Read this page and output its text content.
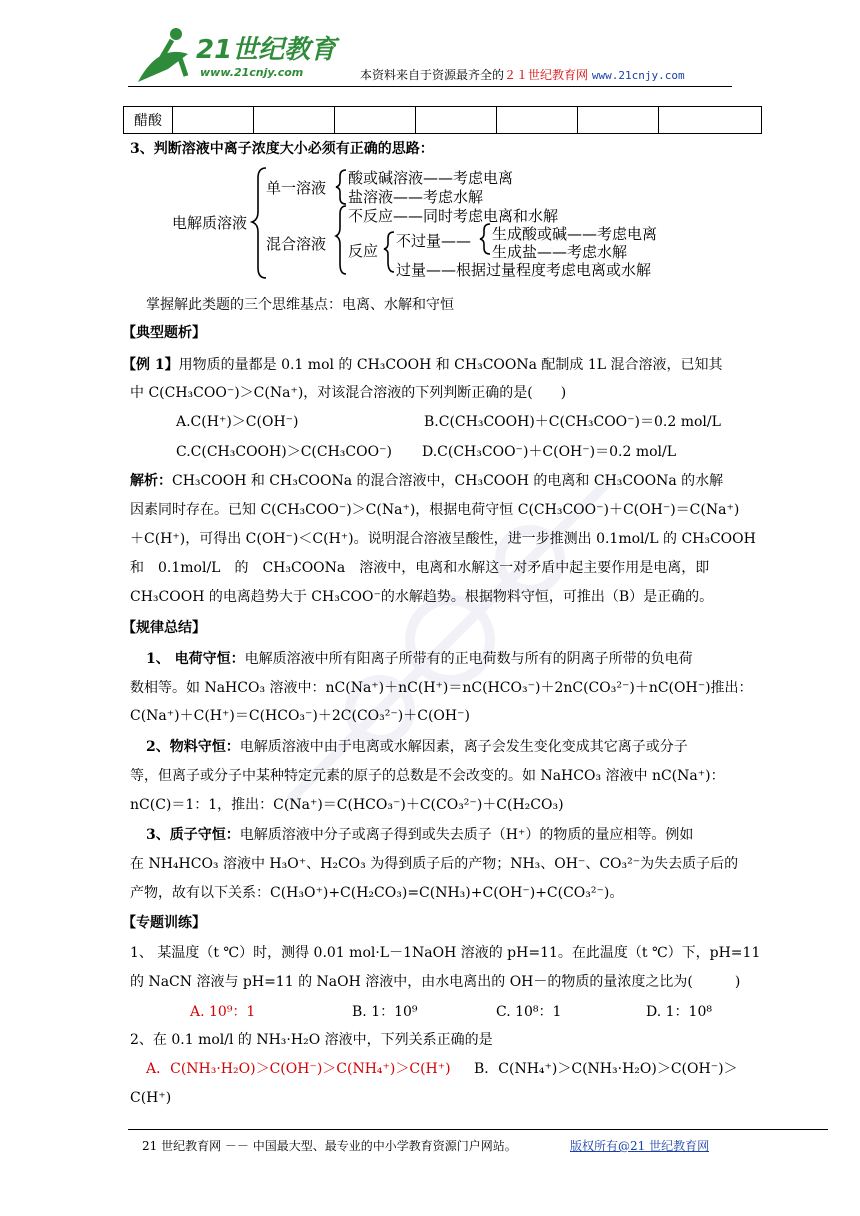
21世纪教育
www.21cnjy.com	本资料来自于资源最齐全的２１世纪教育网 www.21cnjy.com
醋酸							
3、判断溶液中离子浓度大小必须有正确的思路：
电解质溶液
单一溶液
酸或碱溶液——考虑电离
盐溶液——考虑水解
不反应——同时考虑电离和水解
混合溶液 反应
不过量—— 生成酸或碱——考虑电离
生成盐——考虑水解
过量——根据过量程度考虑电离或水解
掌握解此类题的三个思维基点：电离、水解和守恒
【典型题析】
【例 1】用物质的量都是 0.1 mol 的 CH₃COOH 和 CH₃COONa 配制成 1L 混合溶液，已知其
中 C(CH₃COO⁻)＞C(Na⁺)，对该混合溶液的下列判断正确的是(　　)
A.C(H⁺)＞C(OH⁻)	B.C(CH₃COOH)＋C(CH₃COO⁻)＝0.2 mol/L
C.C(CH₃COOH)＞C(CH₃COO⁻) D.C(CH₃COO⁻)＋C(OH⁻)＝0.2 mol/L
解析：CH₃COOH 和 CH₃COONa 的混合溶液中，CH₃COOH 的电离和 CH₃COONa 的水解
因素同时存在。已知 C(CH₃COO⁻)＞C(Na⁺)，根据电荷守恒 C(CH₃COO⁻)＋C(OH⁻)＝C(Na⁺)
＋C(H⁺)，可得出 C(OH⁻)＜C(H⁺)。说明混合溶液呈酸性，进一步推测出 0.1mol/L 的 CH₃COOH
和　0.1mol/L　的　CH₃COONa　溶液中，电离和水解这一对矛盾中起主要作用是电离，即
CH₃COOH 的电离趋势大于 CH₃COO⁻的水解趋势。根据物料守恒，可推出（B）是正确的。
【规律总结】
1、 电荷守恒：电解质溶液中所有阳离子所带有的正电荷数与所有的阴离子所带的负电荷
数相等。如 NaHCO₃ 溶液中：nC(Na⁺)＋nC(H⁺)＝nC(HCO₃⁻)＋2nC(CO₃²⁻)＋nC(OH⁻)推出：
C(Na⁺)＋C(H⁺)＝C(HCO₃⁻)＋2C(CO₃²⁻)＋C(OH⁻)
2、物料守恒：电解质溶液中由于电离或水解因素，离子会发生变化变成其它离子或分子
等，但离子或分子中某种特定元素的原子的总数是不会改变的。如 NaHCO₃ 溶液中 nC(Na⁺)：
nC(C)＝1：1，推出：C(Na⁺)＝C(HCO₃⁻)＋C(CO₃²⁻)＋C(H₂CO₃)
3、质子守恒：电解质溶液中分子或离子得到或失去质子（H⁺）的物质的量应相等。例如
在 NH₄HCO₃ 溶液中 H₃O⁺、H₂CO₃ 为得到质子后的产物；NH₃、OH⁻、CO₃²⁻为失去质子后的
产物，故有以下关系：C(H₃O⁺)+C(H₂CO₃)=C(NH₃)+C(OH⁻)+C(CO₃²⁻)。
【专题训练】
1、 某温度（t ℃）时，测得 0.01 mol·L－1NaOH 溶液的 pH=11。在此温度（t ℃）下，pH=11
的 NaCN 溶液与 pH=11 的 NaOH 溶液中，由水电离出的 OH－的物质的量浓度之比为(　　　)
A. 10⁹：1	B. 1：10⁹	C. 10⁸：1	D. 1：10⁸
2、在 0.1 mol/l 的 NH₃·H₂O 溶液中，下列关系正确的是
A．C(NH₃·H₂O)＞C(OH⁻)＞C(NH₄⁺)＞C(H⁺) B．C(NH₄⁺)＞C(NH₃·H₂O)＞C(OH⁻)＞
C(H⁺)
21 世纪教育网 －－ 中国最大型、最专业的中小学教育资源门户网站。	版权所有@21 世纪教育网
